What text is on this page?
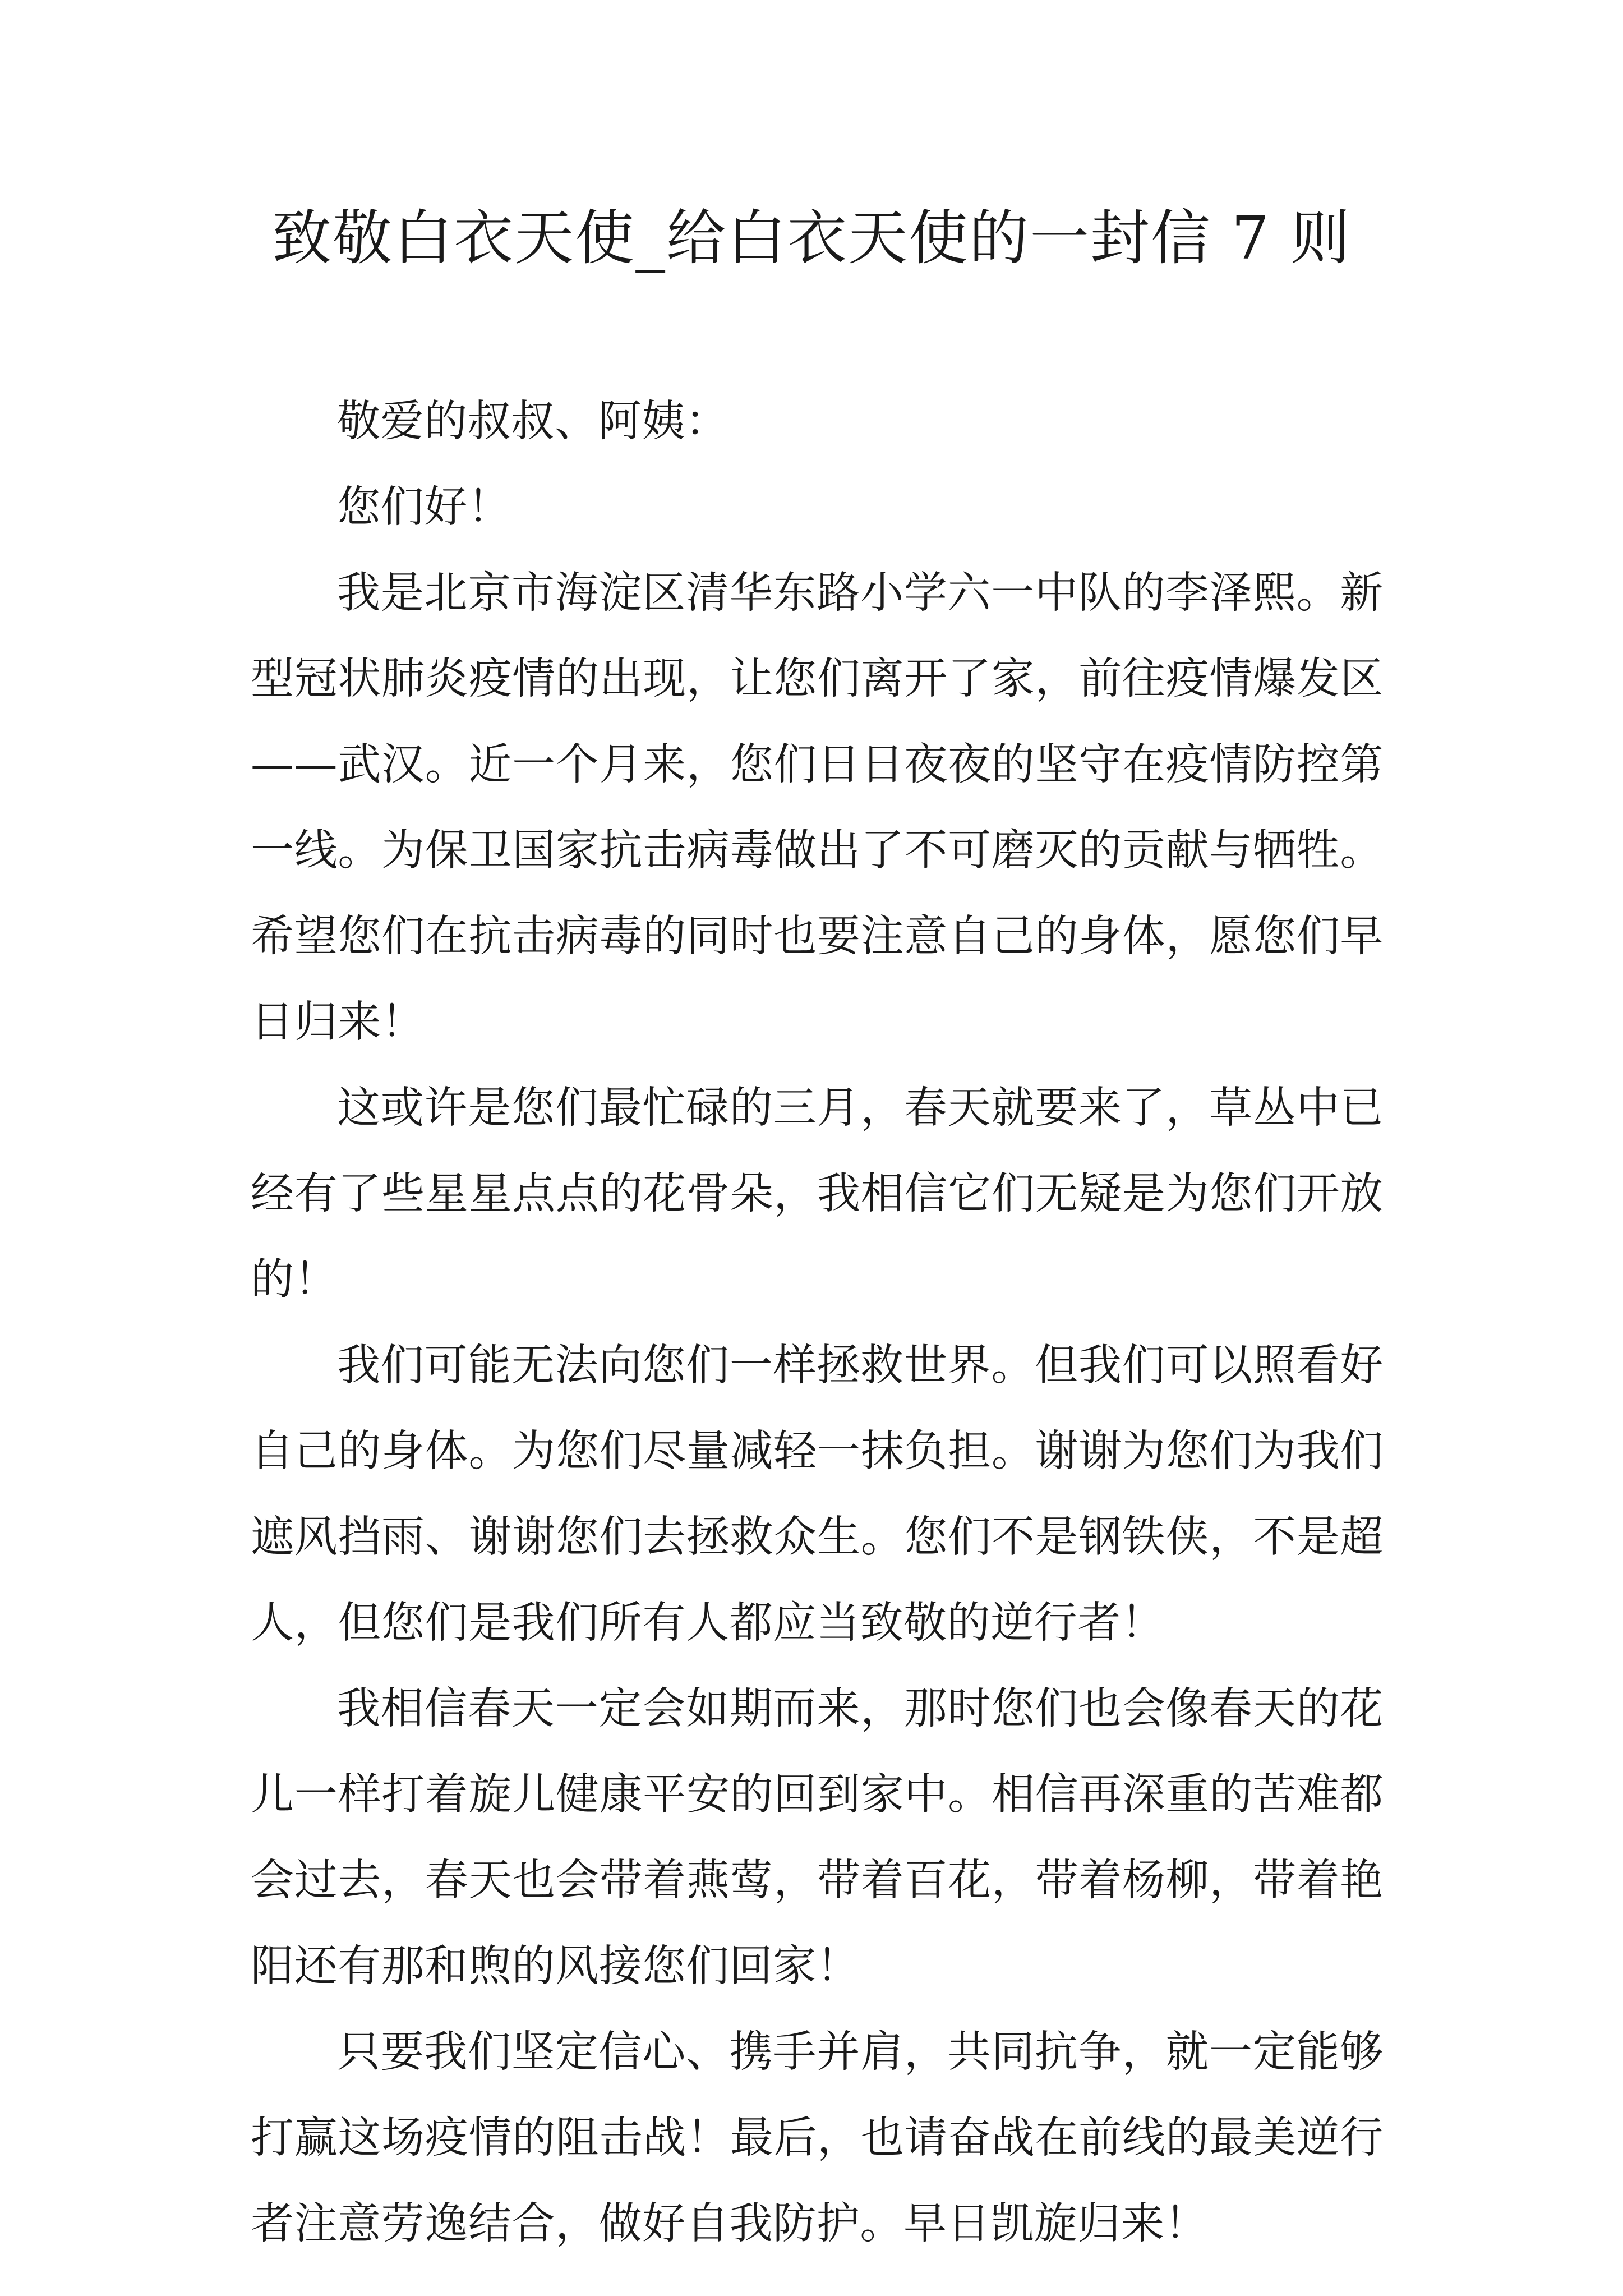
致敬白衣天使_给白衣天使的一封信 7 则

敬爱的叔叔、阿姨：

您们好！

我是北京市海淀区清华东路小学六一中队的李泽熙。新型冠状肺炎疫情的出现，让您们离开了家，前往疫情爆发区——武汉。近一个月来，您们日日夜夜的坚守在疫情防控第一线。为保卫国家抗击病毒做出了不可磨灭的贡献与牺牲。希望您们在抗击病毒的同时也要注意自己的身体，愿您们早日归来！

这或许是您们最忙碌的三月，春天就要来了，草丛中已经有了些星星点点的花骨朵，我相信它们无疑是为您们开放的！

我们可能无法向您们一样拯救世界。但我们可以照看好自己的身体。为您们尽量减轻一抹负担。谢谢为您们为我们遮风挡雨、谢谢您们去拯救众生。您们不是钢铁侠，不是超人，但您们是我们所有人都应当致敬的逆行者！

我相信春天一定会如期而来，那时您们也会像春天的花儿一样打着旋儿健康平安的回到家中。相信再深重的苦难都会过去，春天也会带着燕莺，带着百花，带着杨柳，带着艳阳还有那和煦的风接您们回家！

只要我们坚定信心、携手并肩，共同抗争，就一定能够打赢这场疫情的阻击战！最后，也请奋战在前线的最美逆行者注意劳逸结合，做好自我防护。早日凯旋归来！
